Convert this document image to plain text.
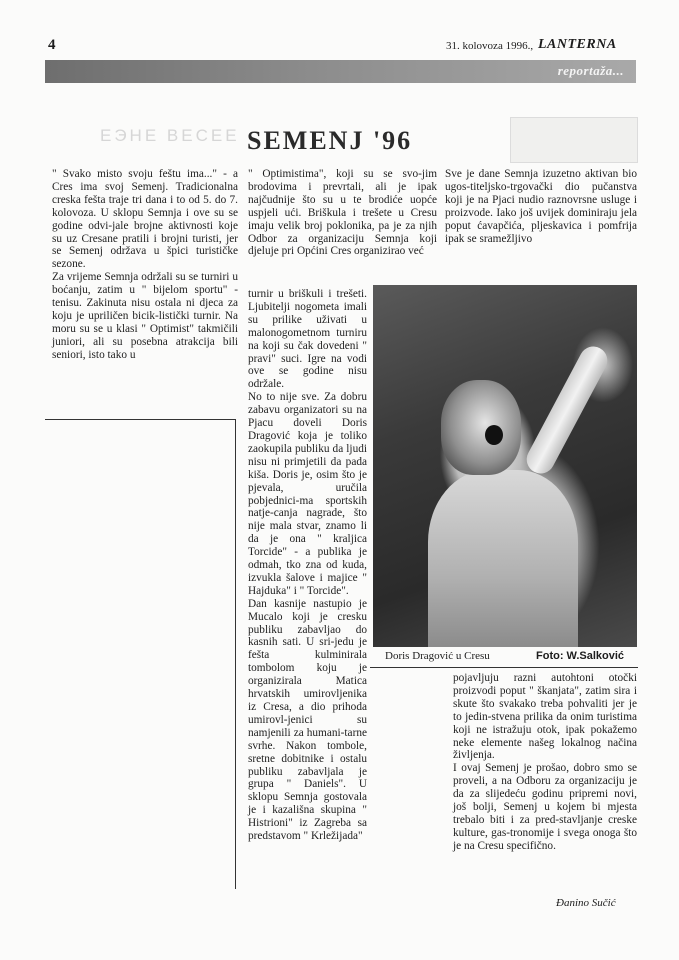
4	31. kolovoza 1996., LANTERNA
reportaža...
ЕЭНЕ ВЕСЕЕ SEMENJ '96
" Svako misto svoju feštu ima..." - a Cres ima svoj Semenj. Tradicionalna creska fešta traje tri dana i to od 5. do 7. kolovoza. U sklopu Semnja i ove su se godine odvi-jale brojne aktivnosti koje su uz Cresane pratili i brojni turisti, jer se Semenj održava u špici turističke sezone.
Za vrijeme Semnja održali su se turniri u boćanju, zatim u " bijelom sportu" - tenisu. Zakinuta nisu ostala ni djeca za koju je upriličen bicik-listički turnir. Na moru su se u klasi " Optimist" takmičili juniori, ali su posebna atrakcija bili seniori, isto tako u
" Optimistima", koji su se svo-jim brodovima i prevrtali, ali je ipak najčudnije što su u te brodiće uopće uspjeli ući. Briškula i trešete u Cresu imaju velik broj poklonika, pa je za njih Odbor za organizaciju Semnja koji djeluje pri Općini Cres organizirao već
turnir u briškuli i trešeti. Ljubitelji nogometa imali su prilike uživati u malonogometnom turniru na koji su čak dovedeni " pravi" suci. Igre na vodi ove se godine nisu održale.
No to nije sve. Za dobru zabavu organizatori su na Pjacu doveli Doris Dragović koja je toliko zaokupila publiku da ljudi nisu ni primjetili da pada kiša. Doris je, osim što je pjevala, uručila pobjednici-ma sportskih natje-canja nagrade, što nije mala stvar, znamo li da je ona " kraljica Torcide" - a publika je odmah, tko zna od kuda, izvukla šalove i majice " Hajduka" i " Torcide".
Dan kasnije nastupio je Mucalo koji je cresku publiku zabavljao do kasnih sati. U sri-jedu je fešta kulminirala tombolom koju je organizirala Matica hrvatskih umirovljenika iz Cresa, a dio prihoda umirovl-jenici su namjenili za humani-tarne svrhe. Nakon tombole, sretne dobitnike i ostalu publiku zabavljala je grupa " Daniels". U sklopu Semnja gostovala je i kazališna skupina " Histrioni" iz Zagreba sa predstavom " Krležijada"
Sve je dane Semnja izuzetno aktivan bio ugos-titeljsko-trgovački dio pučanstva koji je na Pjaci nudio raznovrsne usluge i proizvode. Iako još uvijek dominiraju jela poput ćavapčića, pljeskavica i pomfrija ipak se sramežljivo
Doris Dragović u Cresu	Foto: W.Salković
pojavljuju razni autohtoni otočki proizvodi poput " škanjata", zatim sira i skute što svakako treba pohvaliti jer je to jedin-stvena prilika da onim turistima koji ne istražuju otok, ipak pokažemo neke elemente našeg lokalnog načina življenja.
I ovaj Semenj je prošao, dobro smo se proveli, a na Odboru za organizaciju je da za slijedeću godinu pripremi novi, još bolji, Semenj u kojem bi mjesta trebalo biti i za pred-stavljanje creske kulture, gas-tronomije i svega onoga što je na Cresu specifično.
Đanino Sučić
